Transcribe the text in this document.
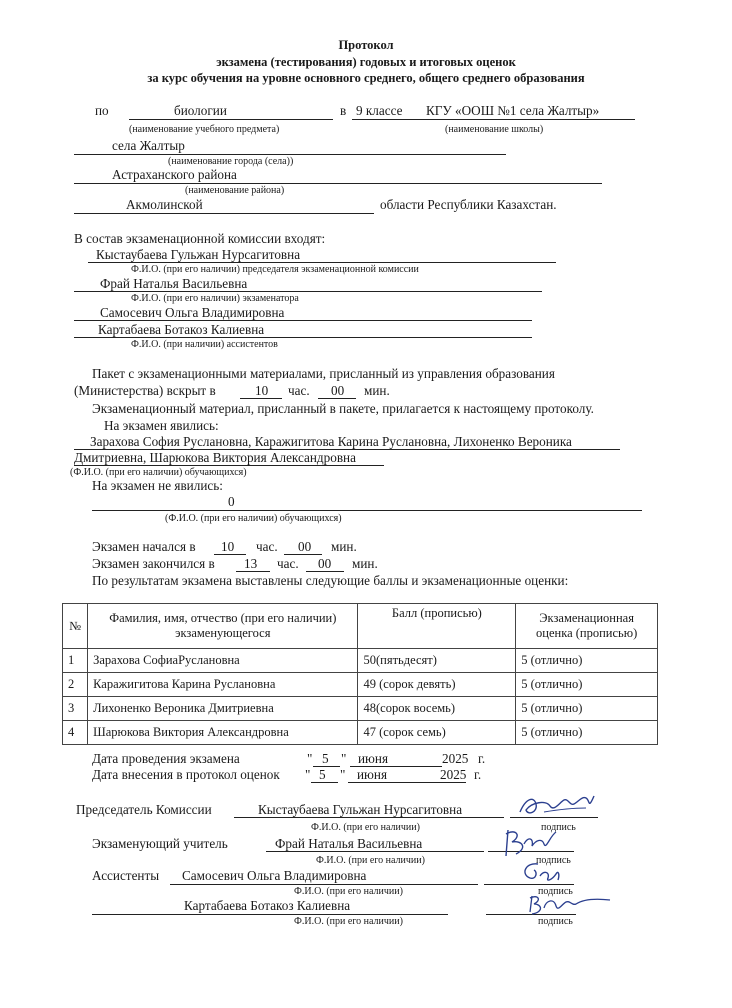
Протокол
экзамена (тестирования) годовых и итоговых оценок
за курс обучения на уровне основного среднего, общего среднего образования
по	биологии	в 9 классе КГУ «ООШ №1 села Жалтыр»
(наименование учебного предмета)	(наименование школы)
села Жалтыр
(наименование города (села))
Астраханского района
(наименование района)
Акмолинской	области Республики Казахстан.
В состав экзаменационной комиссии входят:
Кыстаубаева Гульжан Нурсагитовна
Ф.И.О. (при его наличии) председателя экзаменационной комиссии
Фрай Наталья Васильевна
Ф.И.О. (при его наличии) экзаменатора
Самосевич Ольга Владимировна
Картабаева Ботакоз Калиевна
Ф.И.О. (при наличии) ассистентов
Пакет с экзаменационными материалами, присланный из управления образования
(Министерства) вскрыт в	10 час. 00 мин.
Экзаменационный материал, присланный в пакете, прилагается к настоящему протоколу.
На экзамен явились:
Зарахова София Руслановна, Каражигитова Карина Руслановна, Лихоненко Вероника
Дмитриевна, Шарюкова Виктория Александровна
(Ф.И.О. (при его наличии) обучающихся)
На экзамен не явились:
0
(Ф.И.О. (при его наличии) обучающихся)
Экзамен начался в 10 час. 00 мин.
Экзамен закончился в 13 час. 00 мин.
По результатам экзамена выставлены следующие баллы и экзаменационные оценки:
№	Фамилия, имя, отчество (при его наличии) экзаменующегося	Балл (прописью)	Экзаменационная оценка (прописью)
1	Зарахова СофиаРуслановна	50(пятьдесят)	5 (отлично)
2	Каражигитова Карина Руслановна	49 (сорок девять)	5 (отлично)
3	Лихоненко Вероника Дмитриевна	48(сорок восемь)	5 (отлично)
4	Шарюкова Виктория Александровна	47 (сорок семь)	5 (отлично)
Дата проведения экзамена	" 5 " июня	2025 г.
Дата внесения в протокол оценок " 5 " июня	2025 г.
Председатель Комиссии	Кыстаубаева Гульжан Нурсагитовна
Ф.И.О. (при его наличии)	подпись
Экзаменующий учитель	Фрай Наталья Васильевна
Ф.И.О. (при его наличии)	подпись
Ассистенты Самосевич Ольга Владимировна
Ф.И.О. (при его наличии)	подпись
Картабаева Ботакоз Калиевна
Ф.И.О. (при его наличии)	подпись
